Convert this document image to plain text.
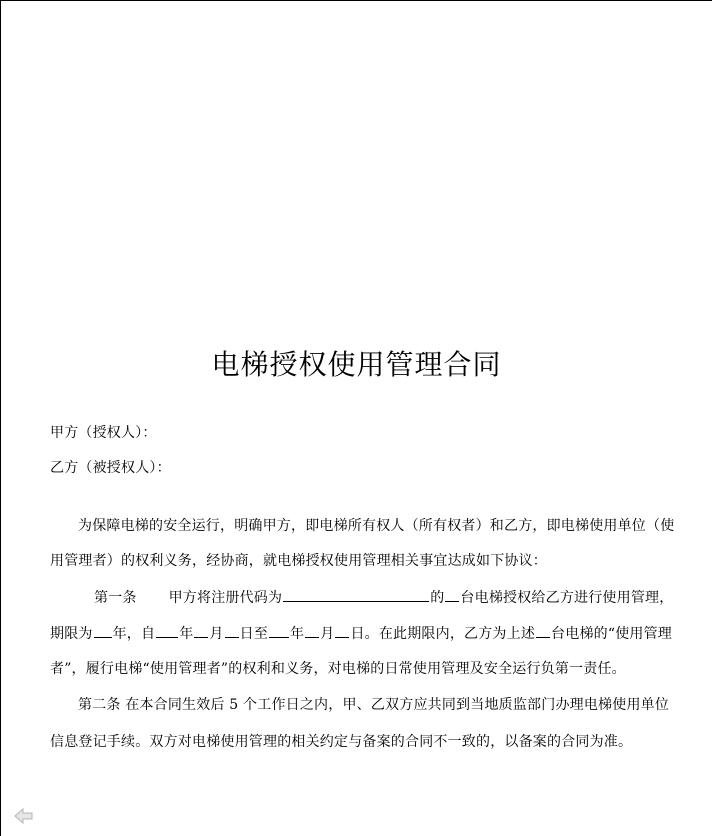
电梯授权使用管理合同
甲方（授权人）：
乙方（被授权人）：
为保障电梯的安全运行，明确甲方，即电梯所有权人（所有权者）和乙方，即电梯使用单位（使
用管理者）的权利义务，经协商，就电梯授权使用管理相关事宜达成如下协议：
第一条 甲方将注册代码为	的 台电梯授权给乙方进行使用管理，
期限为 年，自 年 月 日至 年 月 日。在此期限内，乙方为上述 台电梯的“使用管理
者”，履行电梯“使用管理者”的权利和义务，对电梯的日常使用管理及安全运行负第一责任。
第二条 在本合同生效后 5 个工作日之内，甲、乙双方应共同到当地质监部门办理电梯使用单位
信息登记手续。双方对电梯使用管理的相关约定与备案的合同不一致的，以备案的合同为准。
